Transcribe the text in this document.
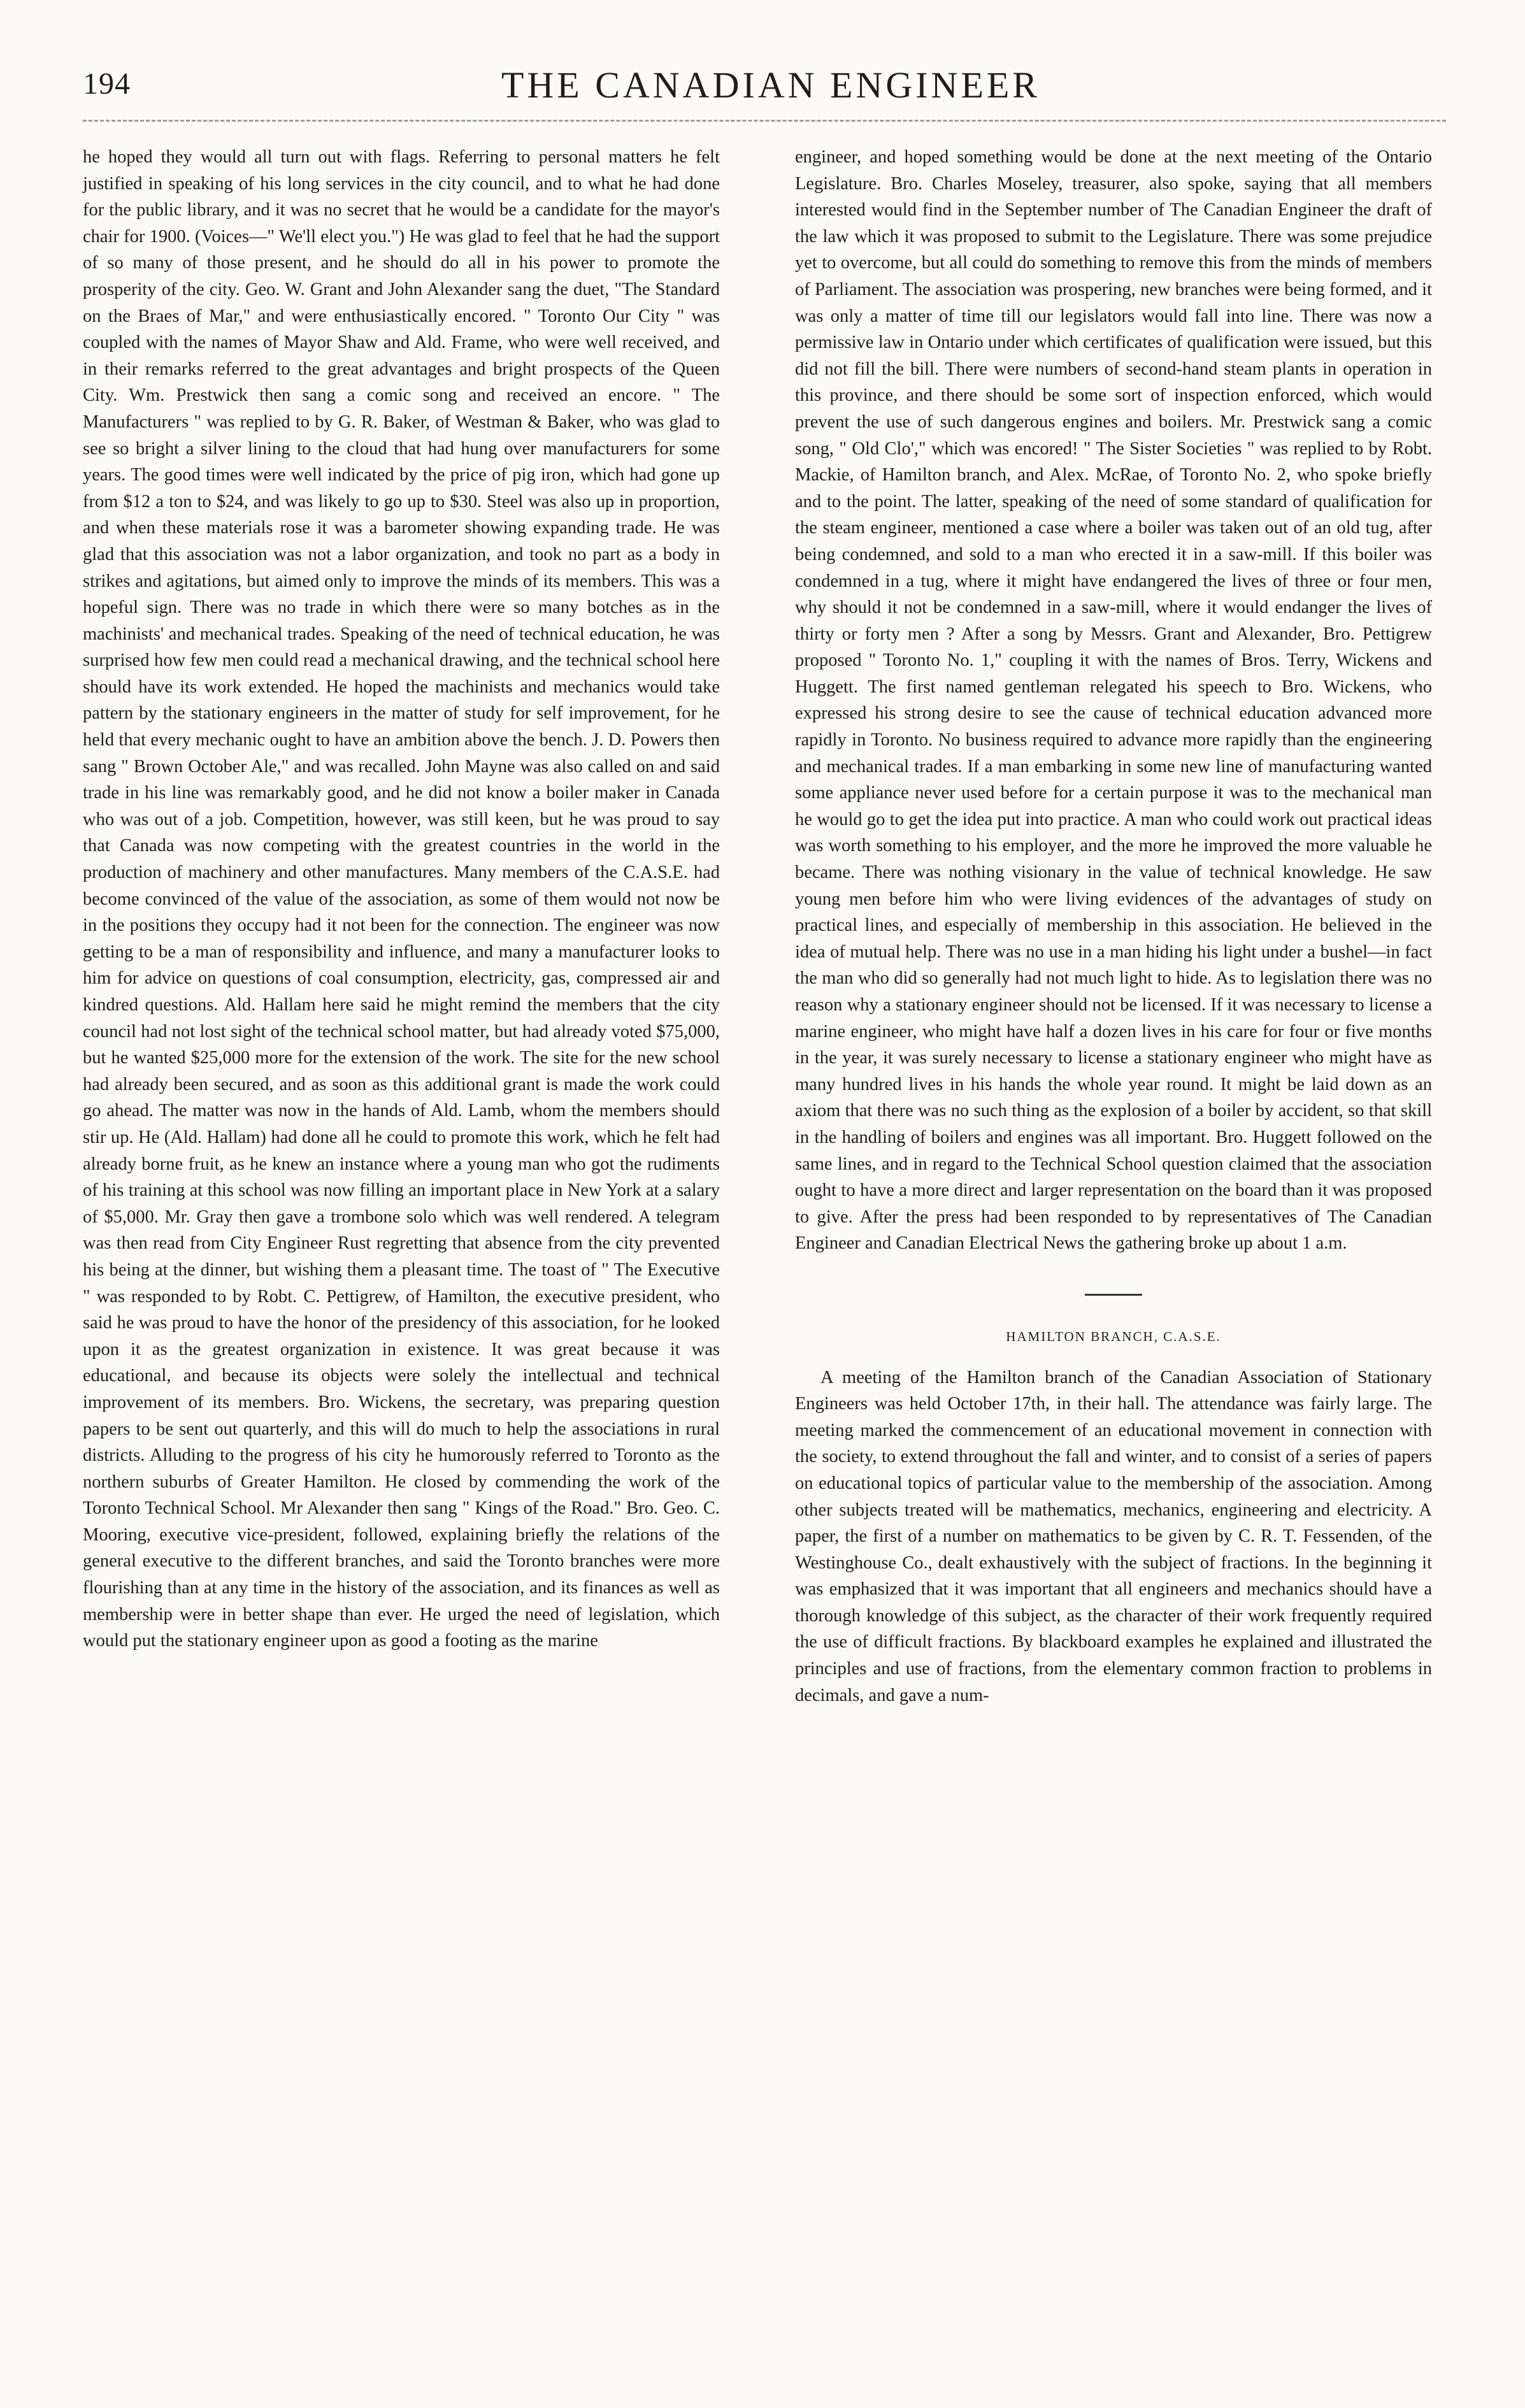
194	THE CANADIAN ENGINEER

he hoped they would all turn out with flags. Referring to personal matters he felt justified in speaking of his long services in the city council, and to what he had done for the public library, and it was no secret that he would be a candidate for the mayor's chair for 1900. (Voices—" We'll elect you.") He was glad to feel that he had the support of so many of those present, and he should do all in his power to promote the prosperity of the city. Geo. W. Grant and John Alexander sang the duet, "The Standard on the Braes of Mar," and were enthusiastically encored. " Toronto Our City " was coupled with the names of Mayor Shaw and Ald. Frame, who were well received, and in their remarks referred to the great advantages and bright prospects of the Queen City. Wm. Prestwick then sang a comic song and received an encore. " The Manufacturers " was replied to by G. R. Baker, of Westman & Baker, who was glad to see so bright a silver lining to the cloud that had hung over manufacturers for some years. The good times were well indicated by the price of pig iron, which had gone up from $12 a ton to $24, and was likely to go up to $30. Steel was also up in proportion, and when these materials rose it was a barometer showing expanding trade. He was glad that this association was not a labor organization, and took no part as a body in strikes and agitations, but aimed only to improve the minds of its members. This was a hopeful sign. There was no trade in which there were so many botches as in the machinists' and mechanical trades. Speaking of the need of technical education, he was surprised how few men could read a mechanical drawing, and the technical school here should have its work extended. He hoped the machinists and mechanics would take pattern by the stationary engineers in the matter of study for self improvement, for he held that every mechanic ought to have an ambition above the bench. J. D. Powers then sang " Brown October Ale," and was recalled. John Mayne was also called on and said trade in his line was remarkably good, and he did not know a boiler maker in Canada who was out of a job. Competition, however, was still keen, but he was proud to say that Canada was now competing with the greatest countries in the world in the production of machinery and other manufactures. Many members of the C.A.S.E. had become convinced of the value of the association, as some of them would not now be in the positions they occupy had it not been for the connection. The engineer was now getting to be a man of responsibility and influence, and many a manufacturer looks to him for advice on questions of coal consumption, electricity, gas, compressed air and kindred questions. Ald. Hallam here said he might remind the members that the city council had not lost sight of the technical school matter, but had already voted $75,000, but he wanted $25,000 more for the extension of the work. The site for the new school had already been secured, and as soon as this additional grant is made the work could go ahead. The matter was now in the hands of Ald. Lamb, whom the members should stir up. He (Ald. Hallam) had done all he could to promote this work, which he felt had already borne fruit, as he knew an instance where a young man who got the rudiments of his training at this school was now filling an important place in New York at a salary of $5,000. Mr. Gray then gave a trombone solo which was well rendered. A telegram was then read from City Engineer Rust regretting that absence from the city prevented his being at the dinner, but wishing them a pleasant time. The toast of " The Executive " was responded to by Robt. C. Pettigrew, of Hamilton, the executive president, who said he was proud to have the honor of the presidency of this association, for he looked upon it as the greatest organization in existence. It was great because it was educational, and because its objects were solely the intellectual and technical improvement of its members. Bro. Wickens, the secretary, was preparing question papers to be sent out quarterly, and this will do much to help the associations in rural districts. Alluding to the progress of his city he humorously referred to Toronto as the northern suburbs of Greater Hamilton. He closed by commending the work of the Toronto Technical School. Mr Alexander then sang " Kings of the Road." Bro. Geo. C. Mooring, executive vice-president, followed, explaining briefly the relations of the general executive to the different branches, and said the Toronto branches were more flourishing than at any time in the history of the association, and its finances as well as membership were in better shape than ever. He urged the need of legislation, which would put the stationary engineer upon as good a footing as the marine

engineer, and hoped something would be done at the next meeting of the Ontario Legislature. Bro. Charles Moseley, treasurer, also spoke, saying that all members interested would find in the September number of The Canadian Engineer the draft of the law which it was proposed to submit to the Legislature. There was some prejudice yet to overcome, but all could do something to remove this from the minds of members of Parliament. The association was prospering, new branches were being formed, and it was only a matter of time till our legislators would fall into line. There was now a permissive law in Ontario under which certificates of qualification were issued, but this did not fill the bill. There were numbers of second-hand steam plants in operation in this province, and there should be some sort of inspection enforced, which would prevent the use of such dangerous engines and boilers. Mr. Prestwick sang a comic song, " Old Clo'," which was encored! " The Sister Societies " was replied to by Robt. Mackie, of Hamilton branch, and Alex. McRae, of Toronto No. 2, who spoke briefly and to the point. The latter, speaking of the need of some standard of qualification for the steam engineer, mentioned a case where a boiler was taken out of an old tug, after being condemned, and sold to a man who erected it in a saw-mill. If this boiler was condemned in a tug, where it might have endangered the lives of three or four men, why should it not be condemned in a saw-mill, where it would endanger the lives of thirty or forty men ? After a song by Messrs. Grant and Alexander, Bro. Pettigrew proposed " Toronto No. 1," coupling it with the names of Bros. Terry, Wickens and Huggett. The first named gentleman relegated his speech to Bro. Wickens, who expressed his strong desire to see the cause of technical education advanced more rapidly in Toronto. No business required to advance more rapidly than the engineering and mechanical trades. If a man embarking in some new line of manufacturing wanted some appliance never used before for a certain purpose it was to the mechanical man he would go to get the idea put into practice. A man who could work out practical ideas was worth something to his employer, and the more he improved the more valuable he became. There was nothing visionary in the value of technical knowledge. He saw young men before him who were living evidences of the advantages of study on practical lines, and especially of membership in this association. He believed in the idea of mutual help. There was no use in a man hiding his light under a bushel—in fact the man who did so generally had not much light to hide. As to legislation there was no reason why a stationary engineer should not be licensed. If it was necessary to license a marine engineer, who might have half a dozen lives in his care for four or five months in the year, it was surely necessary to license a stationary engineer who might have as many hundred lives in his hands the whole year round. It might be laid down as an axiom that there was no such thing as the explosion of a boiler by accident, so that skill in the handling of boilers and engines was all important. Bro. Huggett followed on the same lines, and in regard to the Technical School question claimed that the association ought to have a more direct and larger representation on the board than it was proposed to give. After the press had been responded to by representatives of The Canadian Engineer and Canadian Electrical News the gathering broke up about 1 a.m.

HAMILTON BRANCH, C.A.S.E.

A meeting of the Hamilton branch of the Canadian Association of Stationary Engineers was held October 17th, in their hall. The attendance was fairly large. The meeting marked the commencement of an educational movement in connection with the society, to extend throughout the fall and winter, and to consist of a series of papers on educational topics of particular value to the membership of the association. Among other subjects treated will be mathematics, mechanics, engineering and electricity. A paper, the first of a number on mathematics to be given by C. R. T. Fessenden, of the Westinghouse Co., dealt exhaustively with the subject of fractions. In the beginning it was emphasized that it was important that all engineers and mechanics should have a thorough knowledge of this subject, as the character of their work frequently required the use of difficult fractions. By blackboard examples he explained and illustrated the principles and use of fractions, from the elementary common fraction to problems in decimals, and gave a num-
